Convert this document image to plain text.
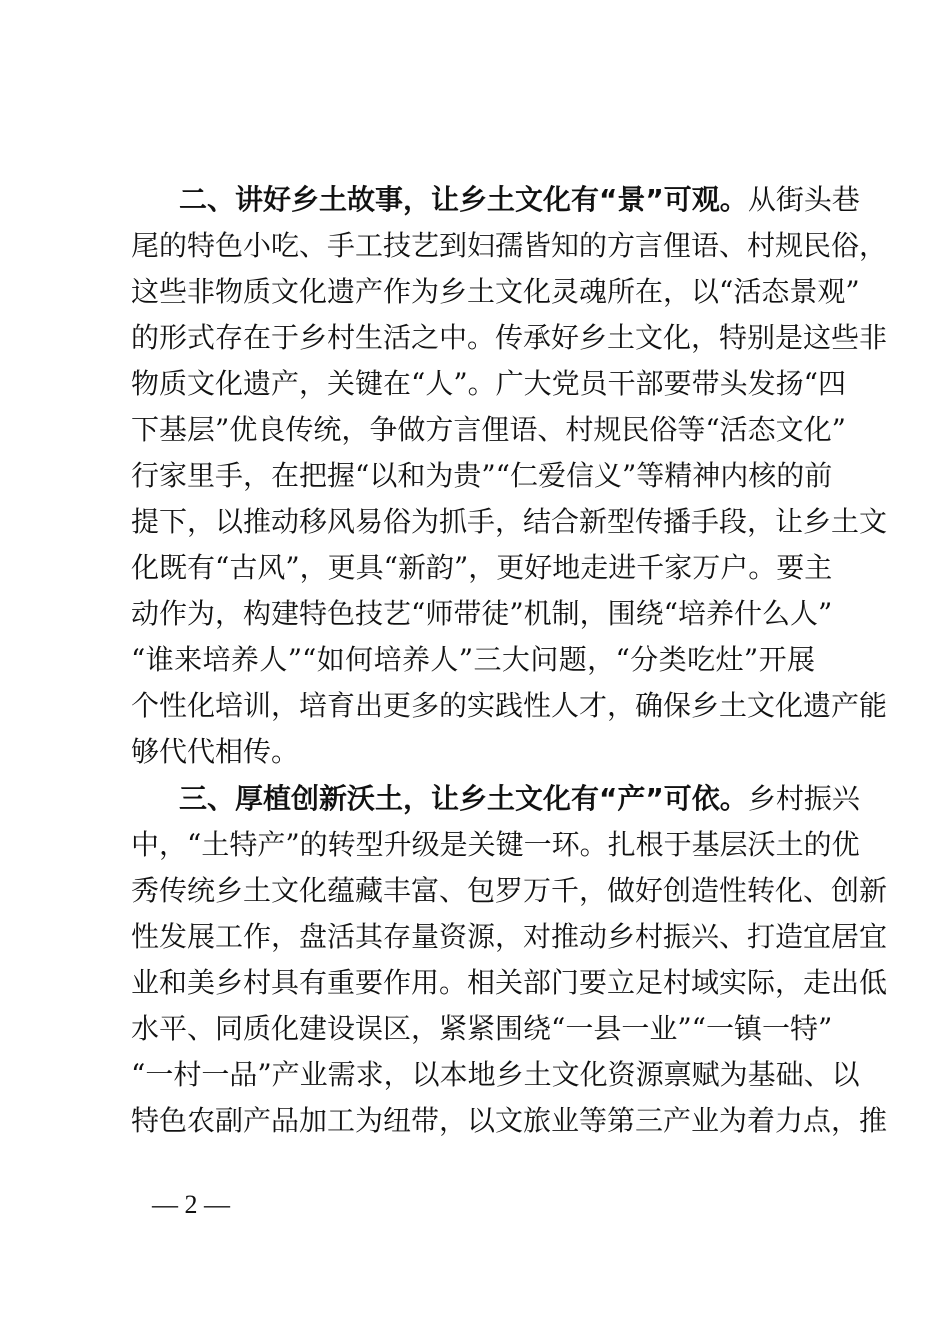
二、讲好乡土故事，让乡土文化有“景”可观。从街头巷
尾的特色小吃、手工技艺到妇孺皆知的方言俚语、村规民俗，
这些非物质文化遗产作为乡土文化灵魂所在，以“活态景观”
的形式存在于乡村生活之中。传承好乡土文化，特别是这些非
物质文化遗产，关键在“人”。广大党员干部要带头发扬“四
下基层”优良传统，争做方言俚语、村规民俗等“活态文化”
行家里手，在把握“以和为贵”“仁爱信义”等精神内核的前
提下，以推动移风易俗为抓手，结合新型传播手段，让乡土文
化既有“古风”，更具“新韵”，更好地走进千家万户。要主
动作为，构建特色技艺“师带徒”机制，围绕“培养什么人”
“谁来培养人”“如何培养人”三大问题，“分类吃灶”开展
个性化培训，培育出更多的实践性人才，确保乡土文化遗产能
够代代相传。
三、厚植创新沃土，让乡土文化有“产”可依。乡村振兴
中，“土特产”的转型升级是关键一环。扎根于基层沃土的优
秀传统乡土文化蕴藏丰富、包罗万千，做好创造性转化、创新
性发展工作，盘活其存量资源，对推动乡村振兴、打造宜居宜
业和美乡村具有重要作用。相关部门要立足村域实际，走出低
水平、同质化建设误区，紧紧围绕“一县一业”“一镇一特”
“一村一品”产业需求，以本地乡土文化资源禀赋为基础、以
特色农副产品加工为纽带，以文旅业等第三产业为着力点，推
— 2 —
